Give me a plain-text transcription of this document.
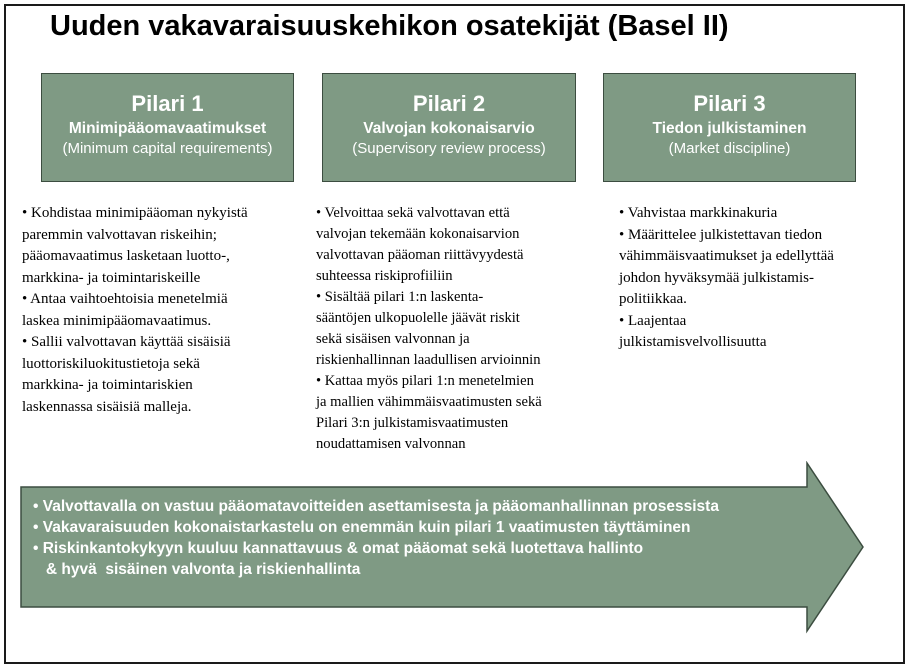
Uuden vakavaraisuuskehikon osatekijät (Basel II)
Pilari 1
Minimipääomavaatimukset
(Minimum capital requirements)
Pilari 2
Valvojan kokonaisarvio
(Supervisory review process)
Pilari 3
Tiedon julkistaminen
(Market discipline)

• Kohdistaa minimipääoman nykyistä

paremmin valvottavan riskeihin;

pääomavaatimus lasketaan luotto-,

markkina- ja toimintariskeille

• Antaa vaihtoehtoisia menetelmiä

laskea minimipääomavaatimus.

• Sallii valvottavan käyttää sisäisiä

luottoriskiluokitustietoja sekä

markkina- ja toimintariskien

laskennassa sisäisiä malleja.

• Velvoittaa sekä valvottavan että

valvojan tekemään kokonaisarvion

valvottavan pääoman riittävyydestä

suhteessa riskiprofiiliin

• Sisältää pilari 1:n laskenta-

sääntöjen ulkopuolelle jäävät riskit

sekä sisäisen valvonnan ja

riskienhallinnan laadullisen arvioinnin

• Kattaa myös pilari 1:n menetelmien

ja mallien vähimmäisvaatimusten sekä

Pilari 3:n julkistamisvaatimusten

noudattamisen valvonnan

• Vahvistaa markkinakuria

• Määrittelee julkistettavan tiedon

vähimmäisvaatimukset ja edellyttää

johdon hyväksymää julkistamis-

politiikkaa.

• Laajentaa

julkistamisvelvollisuutta

• Valvottavalla on vastuu pääomatavoitteiden asettamisesta ja pääomanhallinnan prosessista

• Vakavaraisuuden kokonaistarkastelu on enemmän kuin pilari 1 vaatimusten täyttäminen

• Riskinkantokykyyn kuuluu kannattavuus & omat pääomat sekä luotettava hallinto

& hyvä  sisäinen valvonta ja riskienhallinta
